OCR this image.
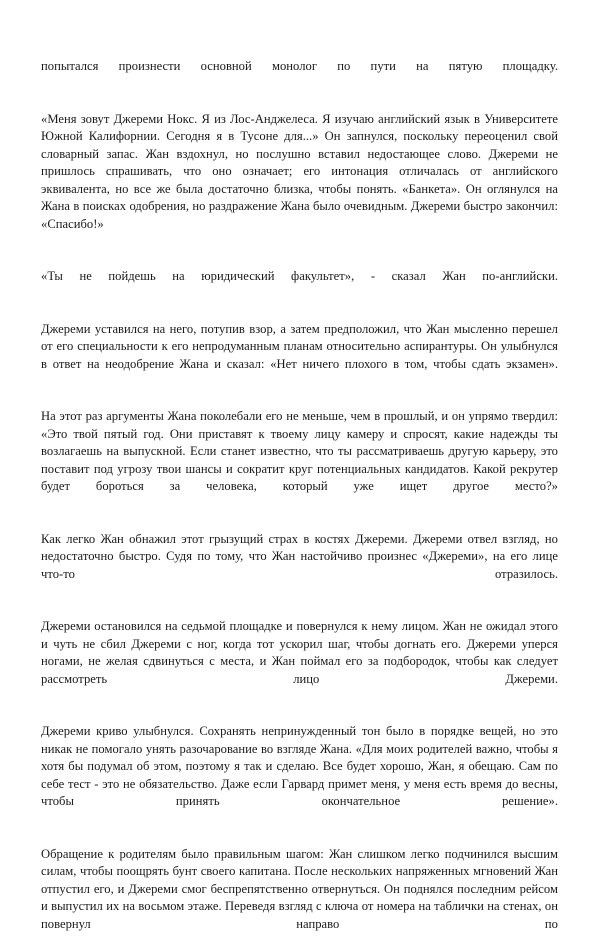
попытался произнести основной монолог по пути на пятую площадку.

«Меня зовут Джереми Нокс. Я из Лос-Анджелеса. Я изучаю английский язык в Университете Южной Калифорнии. Сегодня я в Тусоне для...» Он запнулся, поскольку переоценил свой словарный запас. Жан вздохнул, но послушно вставил недостающее слово. Джереми не пришлось спрашивать, что оно означает; его интонация отличалась от английского эквивалента, но все же была достаточно близка, чтобы понять. «Банкета». Он оглянулся на Жана в поисках одобрения, но раздражение Жана было очевидным. Джереми быстро закончил: «Спасибо!»

«Ты не пойдешь на юридический факультет», - сказал Жан по-английски.

Джереми уставился на него, потупив взор, а затем предположил, что Жан мысленно перешел от его специальности к его непродуманным планам относительно аспирантуры. Он улыбнулся в ответ на неодобрение Жана и сказал: «Нет ничего плохого в том, чтобы сдать экзамен».

На этот раз аргументы Жана поколебали его не меньше, чем в прошлый, и он упрямо твердил: «Это твой пятый год. Они приставят к твоему лицу камеру и спросят, какие надежды ты возлагаешь на выпускной. Если станет известно, что ты рассматриваешь другую карьеру, это поставит под угрозу твои шансы и сократит круг потенциальных кандидатов. Какой рекрутер будет бороться за человека, который уже ищет другое место?»

Как легко Жан обнажил этот грызущий страх в костях Джереми. Джереми отвел взгляд, но недостаточно быстро. Судя по тому, что Жан настойчиво произнес «Джереми», на его лице что-то отразилось.

Джереми остановился на седьмой площадке и повернулся к нему лицом. Жан не ожидал этого и чуть не сбил Джереми с ног, когда тот ускорил шаг, чтобы догнать его. Джереми уперся ногами, не желая сдвинуться с места, и Жан поймал его за подбородок, чтобы как следует рассмотреть лицо Джереми.

Джереми криво улыбнулся. Сохранять непринужденный тон было в порядке вещей, но это никак не помогало унять разочарование во взгляде Жана. «Для моих родителей важно, чтобы я хотя бы подумал об этом, поэтому я так и сделаю. Все будет хорошо, Жан, я обещаю. Сам по себе тест - это не обязательство. Даже если Гарвард примет меня, у меня есть время до весны, чтобы принять окончательное решение».

Обращение к родителям было правильным шагом: Жан слишком легко подчинился высшим силам, чтобы поощрять бунт своего капитана. После нескольких напряженных мгновений Жан отпустил его, и Джереми смог беспрепятственно отвернуться. Он поднялся последним рейсом и выпустил их на восьмом этаже. Переведя взгляд с ключа от номера на таблички на стенах, он повернул направо по
